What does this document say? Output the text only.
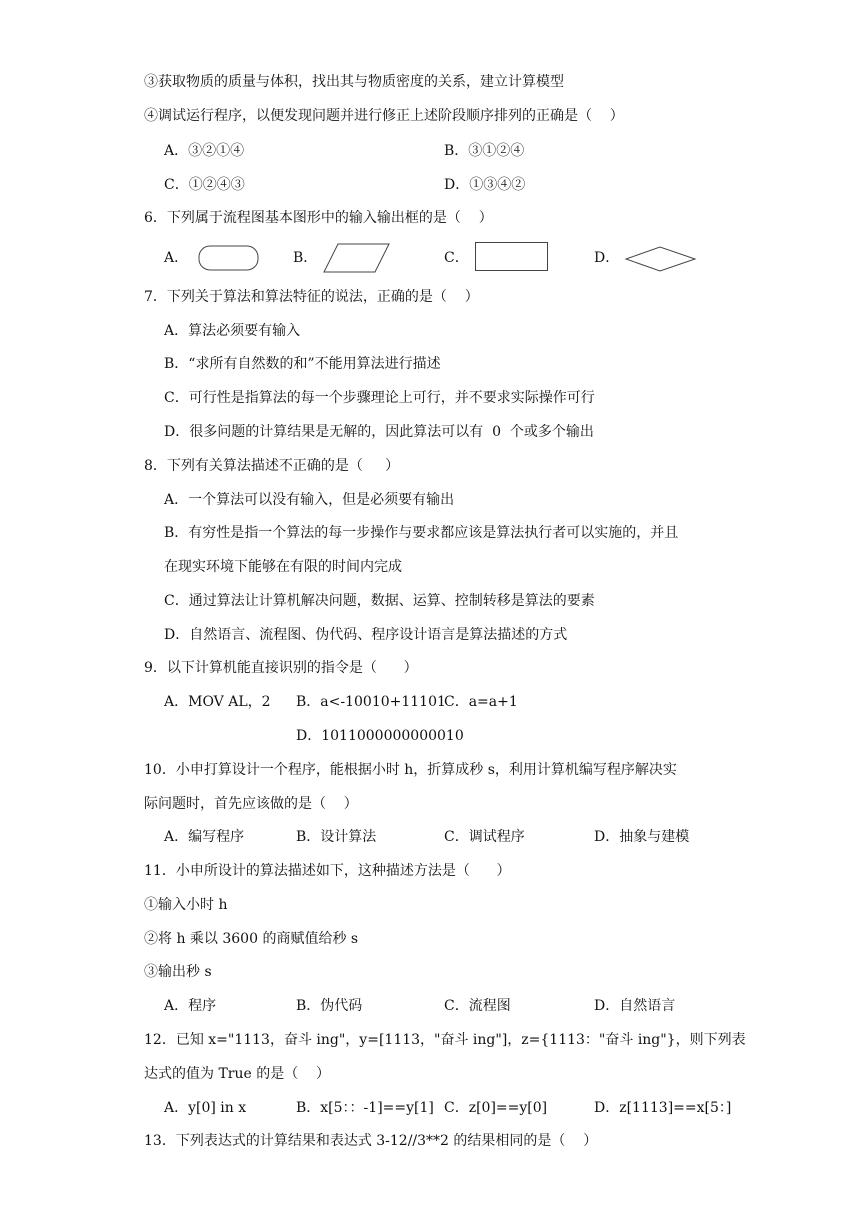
③获取物质的质量与体积，找出其与物质密度的关系，建立计算模型
④调试运行程序，以便发现问题并进行修正上述阶段顺序排列的正确是（    ）
A．③②①④	B．③①②④
C．①②④③	D．①③④②
6．下列属于流程图基本图形中的输入输出框的是（    ）
A．	B．	C．	D．
7．下列关于算法和算法特征的说法，正确的是（    ）
A．算法必须要有输入
B．“求所有自然数的和”不能用算法进行描述
C．可行性是指算法的每一个步骤理论上可行，并不要求实际操作可行
D．很多问题的计算结果是无解的，因此算法可以有  0  个或多个输出
8．下列有关算法描述不正确的是（     ）
A．一个算法可以没有输入，但是必须要有输出
B．有穷性是指一个算法的每一步操作与要求都应该是算法执行者可以实施的，并且
在现实环境下能够在有限的时间内完成
C．通过算法让计算机解决问题，数据、运算、控制转移是算法的要素
D．自然语言、流程图、伪代码、程序设计语言是算法描述的方式
9．以下计算机能直接识别的指令是（      ）
A．MOV AL，2 B．a<-10010+11101
C．a=a+1
D．1011000000000010
10．小申打算设计一个程序，能根据小时 h，折算成秒 s，利用计算机编写程序解决实
际问题时，首先应该做的是（    ）
A．编写程序	B．设计算法	C．调试程序	D．抽象与建模
11．小申所设计的算法描述如下，这种描述方法是（      ）
①输入小时 h
②将 h 乘以 3600 的商赋值给秒 s
③输出秒 s
A．程序	B．伪代码	C．流程图	D．自然语言
12．已知 x="1113，奋斗 ing"，y=[1113，"奋斗 ing"]，z={1113："奋斗 ing"}，则下列表
达式的值为 True 的是（    ）
A．y[0] in x	B．x[5：：-1]==y[1] C．z[0]==y[0]	D．z[1113]==x[5：]
13．下列表达式的计算结果和表达式 3-12//3**2 的结果相同的是（    ）
